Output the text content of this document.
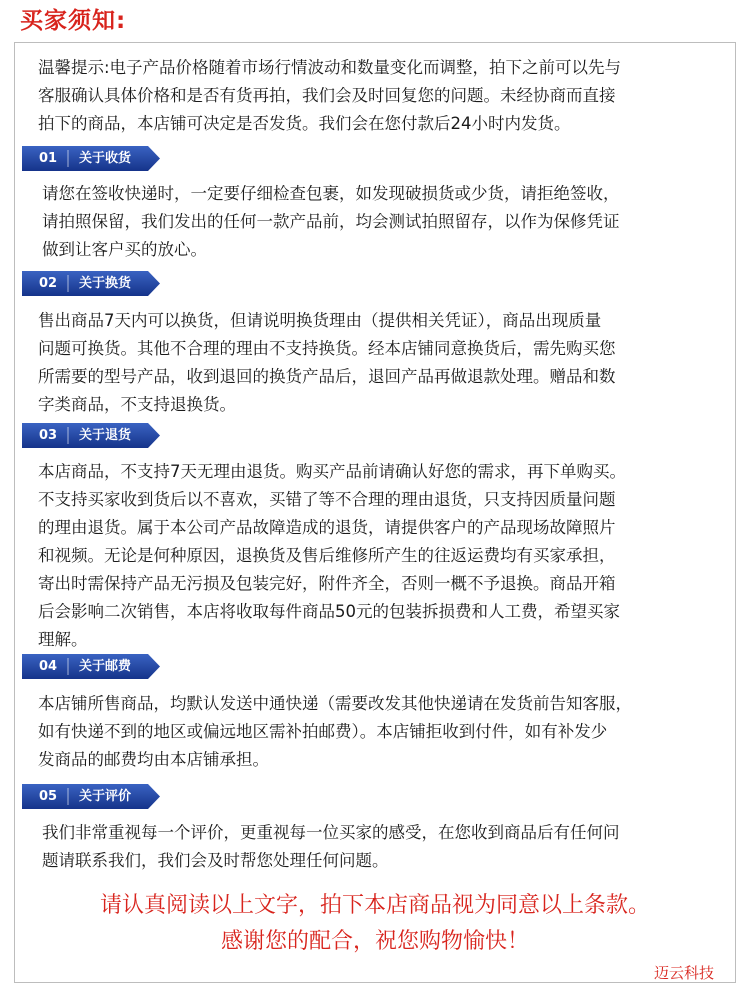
买家须知:

温馨提示:电子产品价格随着市场行情波动和数量变化而调整，拍下之前可以先与
客服确认具体价格和是否有货再拍，我们会及时回复您的问题。未经协商而直接
拍下的商品，本店铺可决定是否发货。我们会在您付款后24小时内发货。

01 关于收货

请您在签收快递时，一定要仔细检查包裹，如发现破损货或少货，请拒绝签收，
请拍照保留，我们发出的任何一款产品前，均会测试拍照留存，以作为保修凭证
做到让客户买的放心。

02 关于换货

售出商品7天内可以换货，但请说明换货理由（提供相关凭证），商品出现质量
问题可换货。其他不合理的理由不支持换货。经本店铺同意换货后，需先购买您
所需要的型号产品，收到退回的换货产品后，退回产品再做退款处理。赠品和数
字类商品，不支持退换货。

03 关于退货

本店商品，不支持7天无理由退货。购买产品前请确认好您的需求，再下单购买。
不支持买家收到货后以不喜欢，买错了等不合理的理由退货，只支持因质量问题
的理由退货。属于本公司产品故障造成的退货，请提供客户的产品现场故障照片
和视频。无论是何种原因，退换货及售后维修所产生的往返运费均有买家承担，
寄出时需保持产品无污损及包装完好，附件齐全，否则一概不予退换。商品开箱
后会影响二次销售，本店将收取每件商品50元的包装拆损费和人工费，希望买家
理解。

04 关于邮费

本店铺所售商品，均默认发送中通快递（需要改发其他快递请在发货前告知客服，
如有快递不到的地区或偏远地区需补拍邮费）。本店铺拒收到付件，如有补发少
发商品的邮费均由本店铺承担。

05 关于评价

我们非常重视每一个评价，更重视每一位买家的感受，在您收到商品后有任何问
题请联系我们，我们会及时帮您处理任何问题。

请认真阅读以上文字，拍下本店商品视为同意以上条款。

感谢您的配合，祝您购物愉快！

迈云科技
